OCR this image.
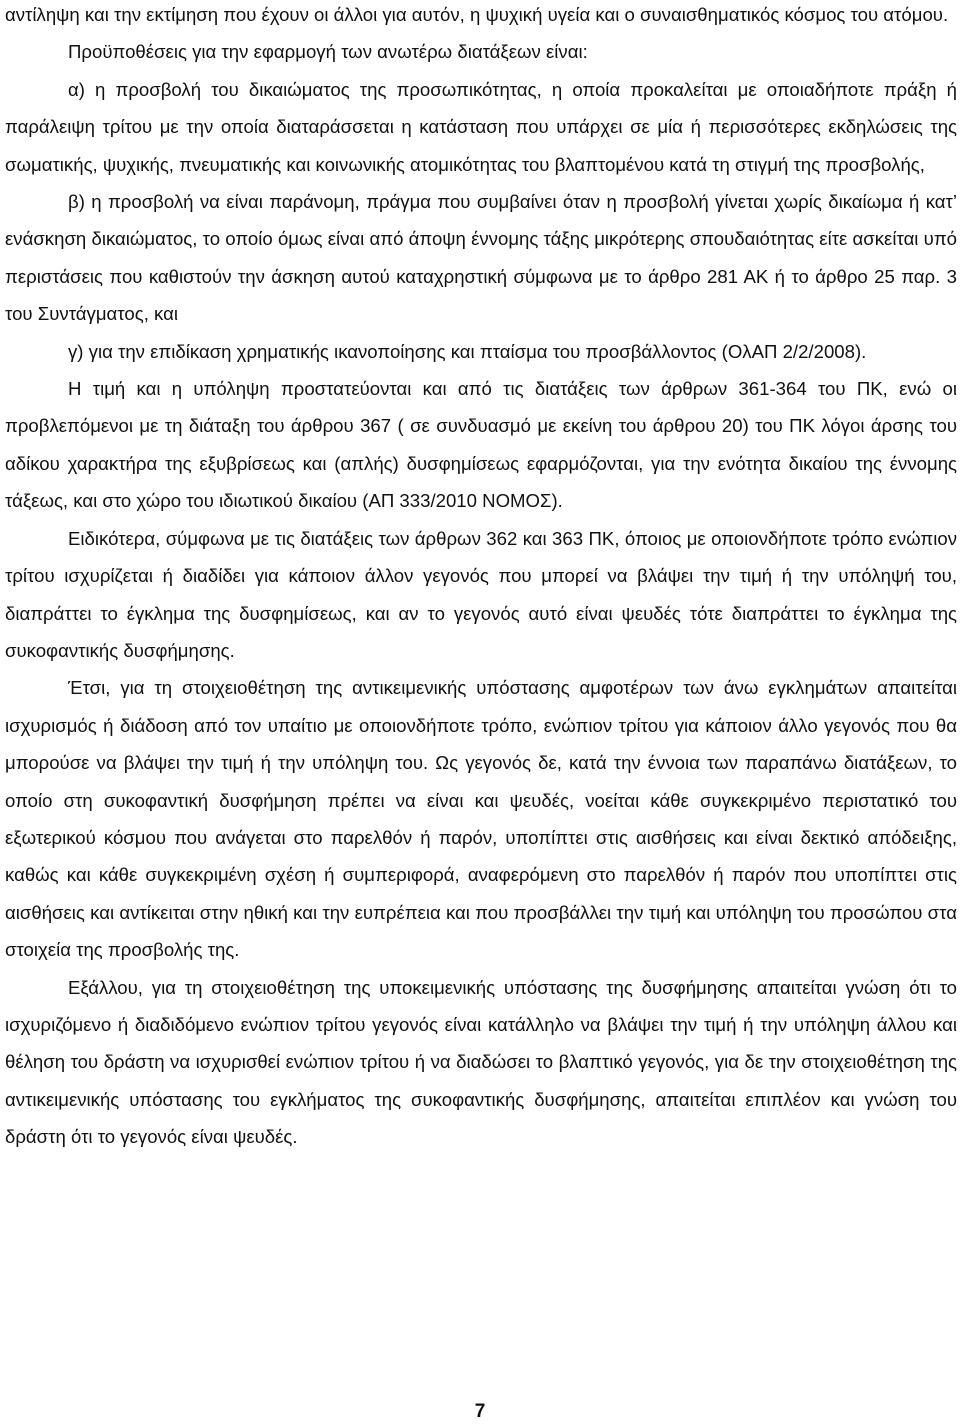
αντίληψη και την εκτίμηση που έχουν οι άλλοι για αυτόν, η ψυχική υγεία και ο συναισθηματικός κόσμος του ατόμου.

Προϋποθέσεις για την εφαρμογή των ανωτέρω διατάξεων είναι:

α) η προσβολή του δικαιώματος της προσωπικότητας, η οποία προκαλείται με οποιαδήποτε πράξη ή παράλειψη τρίτου με την οποία διαταράσσεται η κατάσταση που υπάρχει σε μία ή περισσότερες εκδηλώσεις της σωματικής, ψυχικής, πνευματικής και κοινωνικής ατομικότητας του βλαπτομένου κατά τη στιγμή της προσβολής,

β) η προσβολή να είναι παράνομη, πράγμα που συμβαίνει όταν η προσβολή γίνεται χωρίς δικαίωμα ή κατ’ ενάσκηση δικαιώματος, το οποίο όμως είναι από άποψη έννομης τάξης μικρότερης σπουδαιότητας είτε ασκείται υπό περιστάσεις που καθιστούν την άσκηση αυτού καταχρηστική σύμφωνα με το άρθρο 281 ΑΚ ή το άρθρο 25 παρ. 3 του Συντάγματος, και

γ) για την επιδίκαση χρηματικής ικανοποίησης και πταίσμα του προσβάλλοντος (ΟλΑΠ 2/2/2008).

Η τιμή και η υπόληψη προστατεύονται και από τις διατάξεις των άρθρων 361-364 του ΠΚ, ενώ οι προβλεπόμενοι με τη διάταξη του άρθρου 367 ( σε συνδυασμό με εκείνη του άρθρου 20) του ΠΚ λόγοι άρσης του αδίκου χαρακτήρα της εξυβρίσεως και (απλής) δυσφημίσεως εφαρμόζονται, για την ενότητα δικαίου της έννομης τάξεως, και στο χώρο του ιδιωτικού δικαίου (ΑΠ 333/2010 ΝΟΜΟΣ).

Ειδικότερα, σύμφωνα με τις διατάξεις των άρθρων 362 και 363 ΠΚ, όποιος με οποιονδήποτε τρόπο ενώπιον τρίτου ισχυρίζεται ή διαδίδει για κάποιον άλλον γεγονός που μπορεί να βλάψει την τιμή ή την υπόληψή του, διαπράττει το έγκλημα της δυσφημίσεως, και αν το γεγονός αυτό είναι ψευδές τότε διαπράττει το έγκλημα της συκοφαντικής δυσφήμησης.

Έτσι, για τη στοιχειοθέτηση της αντικειμενικής υπόστασης αμφοτέρων των άνω εγκλημάτων απαιτείται ισχυρισμός ή διάδοση από τον υπαίτιο με οποιονδήποτε τρόπο, ενώπιον τρίτου για κάποιον άλλο γεγονός που θα μπορούσε να βλάψει την τιμή ή την υπόληψη του. Ως γεγονός δε, κατά την έννοια των παραπάνω διατάξεων, το οποίο στη συκοφαντική δυσφήμηση πρέπει να είναι και ψευδές, νοείται κάθε συγκεκριμένο περιστατικό του εξωτερικού κόσμου που ανάγεται στο παρελθόν ή παρόν, υποπίπτει στις αισθήσεις και είναι δεκτικό απόδειξης, καθώς και κάθε συγκεκριμένη σχέση ή συμπεριφορά, αναφερόμενη στο παρελθόν ή παρόν που υποπίπτει στις αισθήσεις και αντίκειται στην ηθική και την ευπρέπεια και που προσβάλλει την τιμή και υπόληψη του προσώπου στα στοιχεία της προσβολής της.

Εξάλλου, για τη στοιχειοθέτηση της υποκειμενικής υπόστασης της δυσφήμησης απαιτείται γνώση ότι το ισχυριζόμενο ή διαδιδόμενο ενώπιον τρίτου γεγονός είναι κατάλληλο να βλάψει την τιμή ή την υπόληψη άλλου και θέληση του δράστη να ισχυρισθεί ενώπιον τρίτου ή να διαδώσει το βλαπτικό γεγονός, για δε την στοιχειοθέτηση της αντικειμενικής υπόστασης του εγκλήματος της συκοφαντικής δυσφήμησης, απαιτείται επιπλέον και γνώση του δράστη ότι το γεγονός είναι ψευδές.

7
